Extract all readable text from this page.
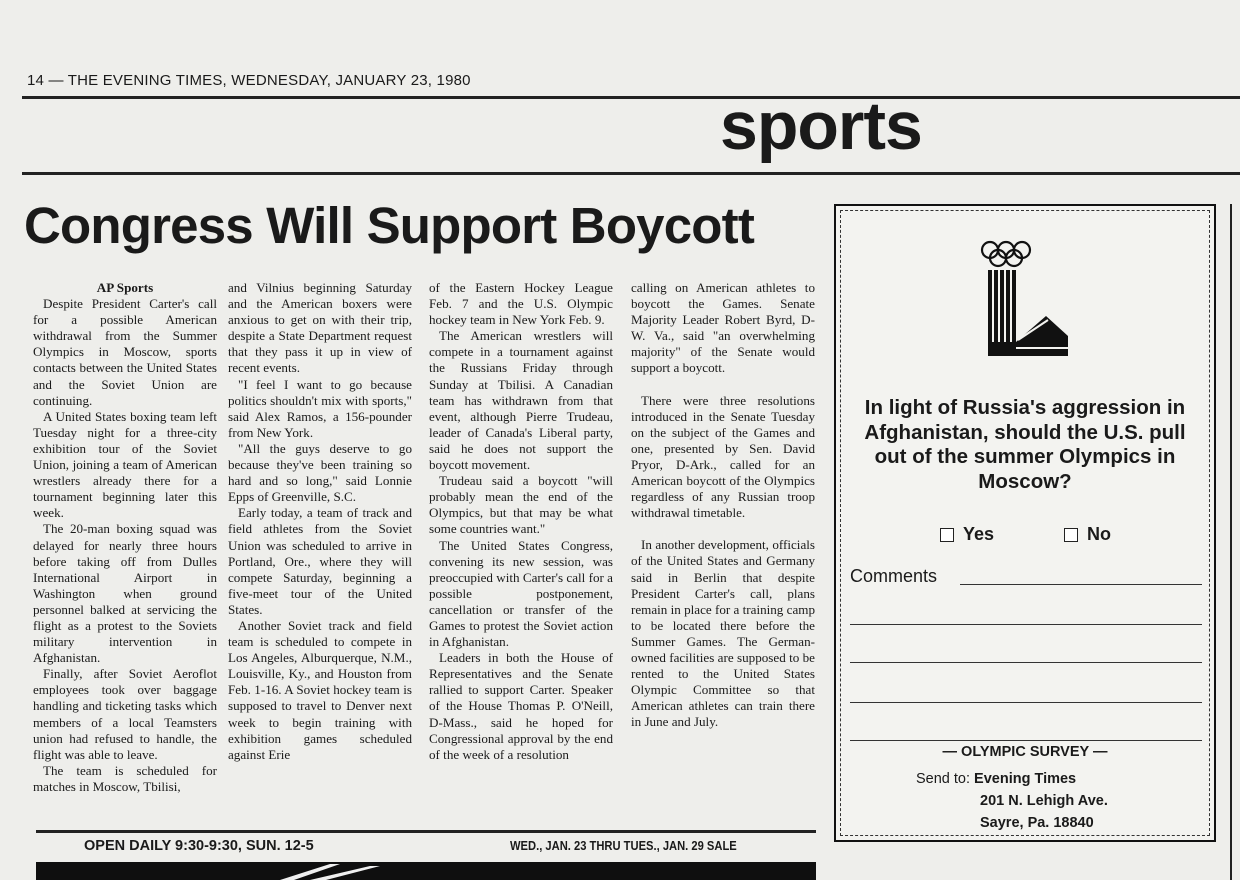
14 — THE EVENING TIMES, WEDNESDAY, JANUARY 23, 1980
sports
Congress Will Support Boycott

AP Sports

Despite President Carter's call for a possible American withdrawal from the Summer Olympics in Moscow, sports contacts between the United States and the Soviet Union are continuing.

A United States boxing team left Tuesday night for a three-city exhibition tour of the Soviet Union, joining a team of American wrestlers already there for a tournament beginning later this week.

The 20-man boxing squad was delayed for nearly three hours before taking off from Dulles International Airport in Washington when ground personnel balked at servicing the flight as a protest to the Soviets military intervention in Afghanistan.

Finally, after Soviet Aeroflot employees took over baggage handling and ticketing tasks which members of a local Teamsters union had refused to handle, the flight was able to leave.

The team is scheduled for matches in Moscow, Tbilisi,

and Vilnius beginning Saturday and the American boxers were anxious to get on with their trip, despite a State Department request that they pass it up in view of recent events.

"I feel I want to go because politics shouldn't mix with sports," said Alex Ramos, a 156-pounder from New York.

"All the guys deserve to go because they've been training so hard and so long," said Lonnie Epps of Greenville, S.C.

Early today, a team of track and field athletes from the Soviet Union was scheduled to arrive in Portland, Ore., where they will compete Saturday, beginning a five-meet tour of the United States.

Another Soviet track and field team is scheduled to compete in Los Angeles, Alburquerque, N.M., Louisville, Ky., and Houston from Feb. 1-16. A Soviet hockey team is supposed to travel to Denver next week to begin training with exhibition games scheduled against Erie

of the Eastern Hockey League Feb. 7 and the U.S. Olympic hockey team in New York Feb. 9.

The American wrestlers will compete in a tournament against the Russians Friday through Sunday at Tbilisi. A Canadian team has withdrawn from that event, although Pierre Trudeau, leader of Canada's Liberal party, said he does not support the boycott movement.

Trudeau said a boycott "will probably mean the end of the Olympics, but that may be what some countries want."

The United States Congress, convening its new session, was preoccupied with Carter's call for a possible postponement, cancellation or transfer of the Games to protest the Soviet action in Afghanistan.

Leaders in both the House of Representatives and the Senate rallied to support Carter. Speaker of the House Thomas P. O'Neill, D-Mass., said he hoped for Congressional approval by the end of the week of a resolution

calling on American athletes to boycott the Games. Senate Majority Leader Robert Byrd, D-W. Va., said "an overwhelming majority" of the Senate would support a boycott.

There were three resolutions introduced in the Senate Tuesday on the subject of the Games and one, presented by Sen. David Pryor, D-Ark., called for an American boycott of the Olympics regardless of any Russian troop withdrawal timetable.

In another development, officials of the United States and Germany said in Berlin that despite President Carter's call, plans remain in place for a training camp to be located there before the Summer Games. The German-owned facilities are supposed to be rented to the United States Olympic Committee so that American athletes can train there in June and July.

In light of Russia's aggression in Afghanistan, should the U.S. pull out of the summer Olympics in Moscow?
Yes	No
Comments
— OLYMPIC SURVEY —
Send to: Evening Times
201 N. Lehigh Ave.
Sayre, Pa. 18840
OPEN DAILY 9:30-9:30, SUN. 12-5	WED., JAN. 23 THRU TUES., JAN. 29 SALE
